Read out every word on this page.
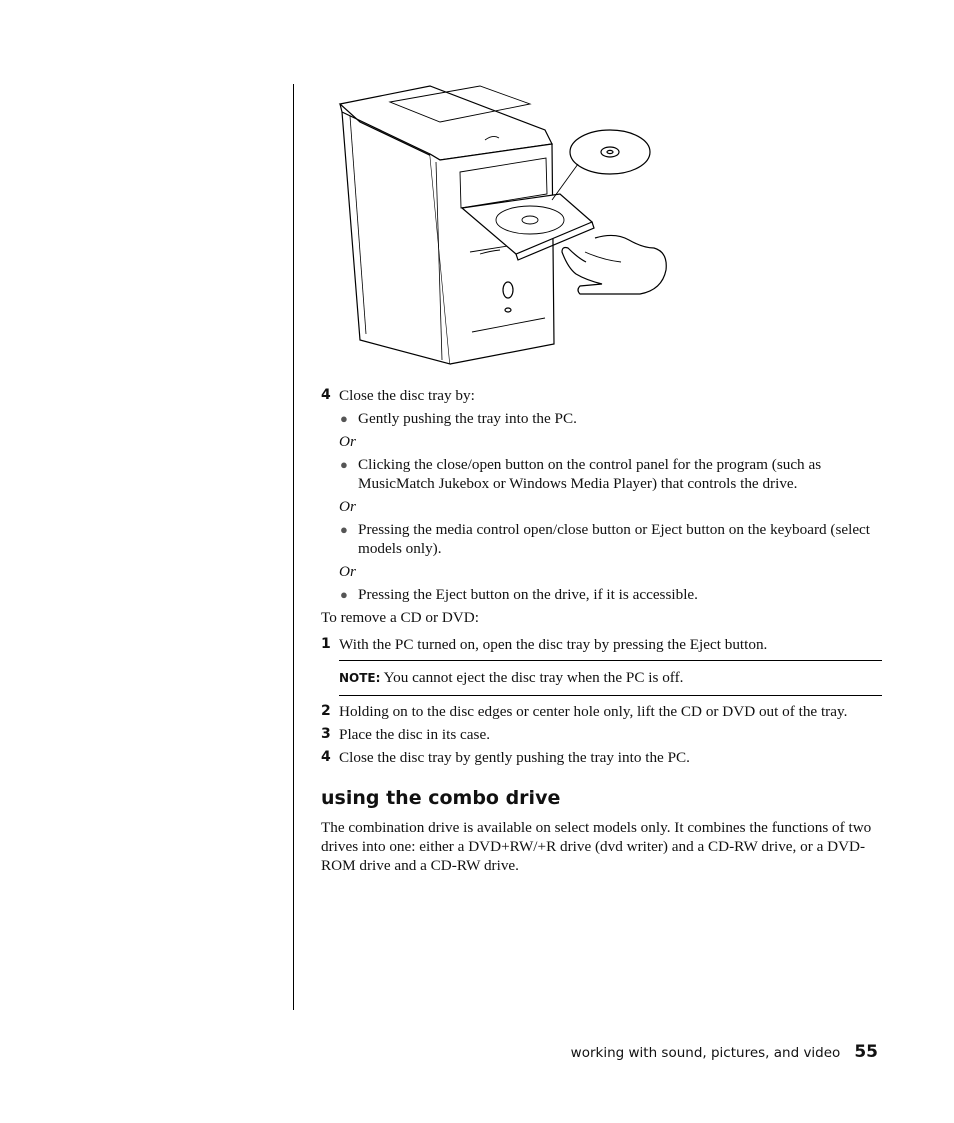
4 Close the disc tray by:
● Gently pushing the tray into the PC.
Or
● Clicking the close/open button on the control panel for the program (such as MusicMatch Jukebox or Windows Media Player) that controls the drive.
Or
● Pressing the media control open/close button or Eject button on the keyboard (select models only).
Or
● Pressing the Eject button on the drive, if it is accessible.
To remove a CD or DVD:
1 With the PC turned on, open the disc tray by pressing the Eject button.
NOTE: You cannot eject the disc tray when the PC is off.
2 Holding on to the disc edges or center hole only, lift the CD or DVD out of the tray.
3 Place the disc in its case.
4 Close the disc tray by gently pushing the tray into the PC.
using the combo drive

The combination drive is available on select models only. It combines the functions of two drives into one: either a DVD+RW/+R drive (dvd writer) and a CD-RW drive, or a DVD-ROM drive and a CD-RW drive.

working with sound, pictures, and video 55
